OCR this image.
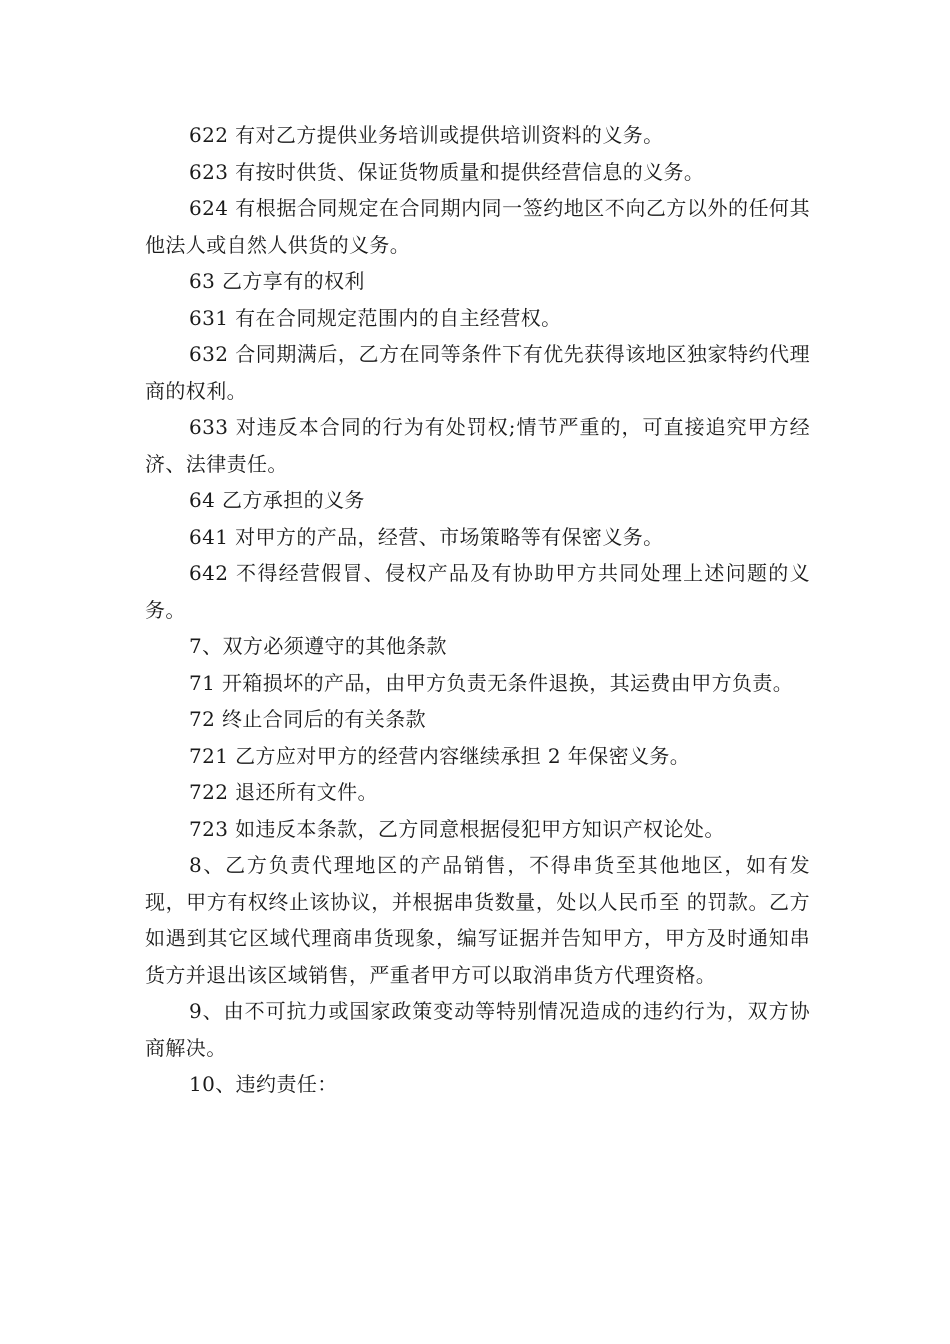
622 有对乙方提供业务培训或提供培训资料的义务。

623 有按时供货、保证货物质量和提供经营信息的义务。

624 有根据合同规定在合同期内同一签约地区不向乙方以外的任何其他法人或自然人供货的义务。

63 乙方享有的权利

631 有在合同规定范围内的自主经营权。

632 合同期满后，乙方在同等条件下有优先获得该地区独家特约代理商的权利。

633 对违反本合同的行为有处罚权;情节严重的，可直接追究甲方经济、法律责任。

64 乙方承担的义务

641 对甲方的产品，经营、市场策略等有保密义务。

642 不得经营假冒、侵权产品及有协助甲方共同处理上述问题的义务。

7、双方必须遵守的其他条款

71 开箱损坏的产品，由甲方负责无条件退换，其运费由甲方负责。

72 终止合同后的有关条款

721 乙方应对甲方的经营内容继续承担 2 年保密义务。

722 退还所有文件。

723 如违反本条款，乙方同意根据侵犯甲方知识产权论处。

8、乙方负责代理地区的产品销售，不得串货至其他地区，如有发现，甲方有权终止该协议，并根据串货数量，处以人民币至 的罚款。乙方如遇到其它区域代理商串货现象，编写证据并告知甲方，甲方及时通知串货方并退出该区域销售，严重者甲方可以取消串货方代理资格。

9、由不可抗力或国家政策变动等特别情况造成的违约行为，双方协商解决。

10、违约责任：
